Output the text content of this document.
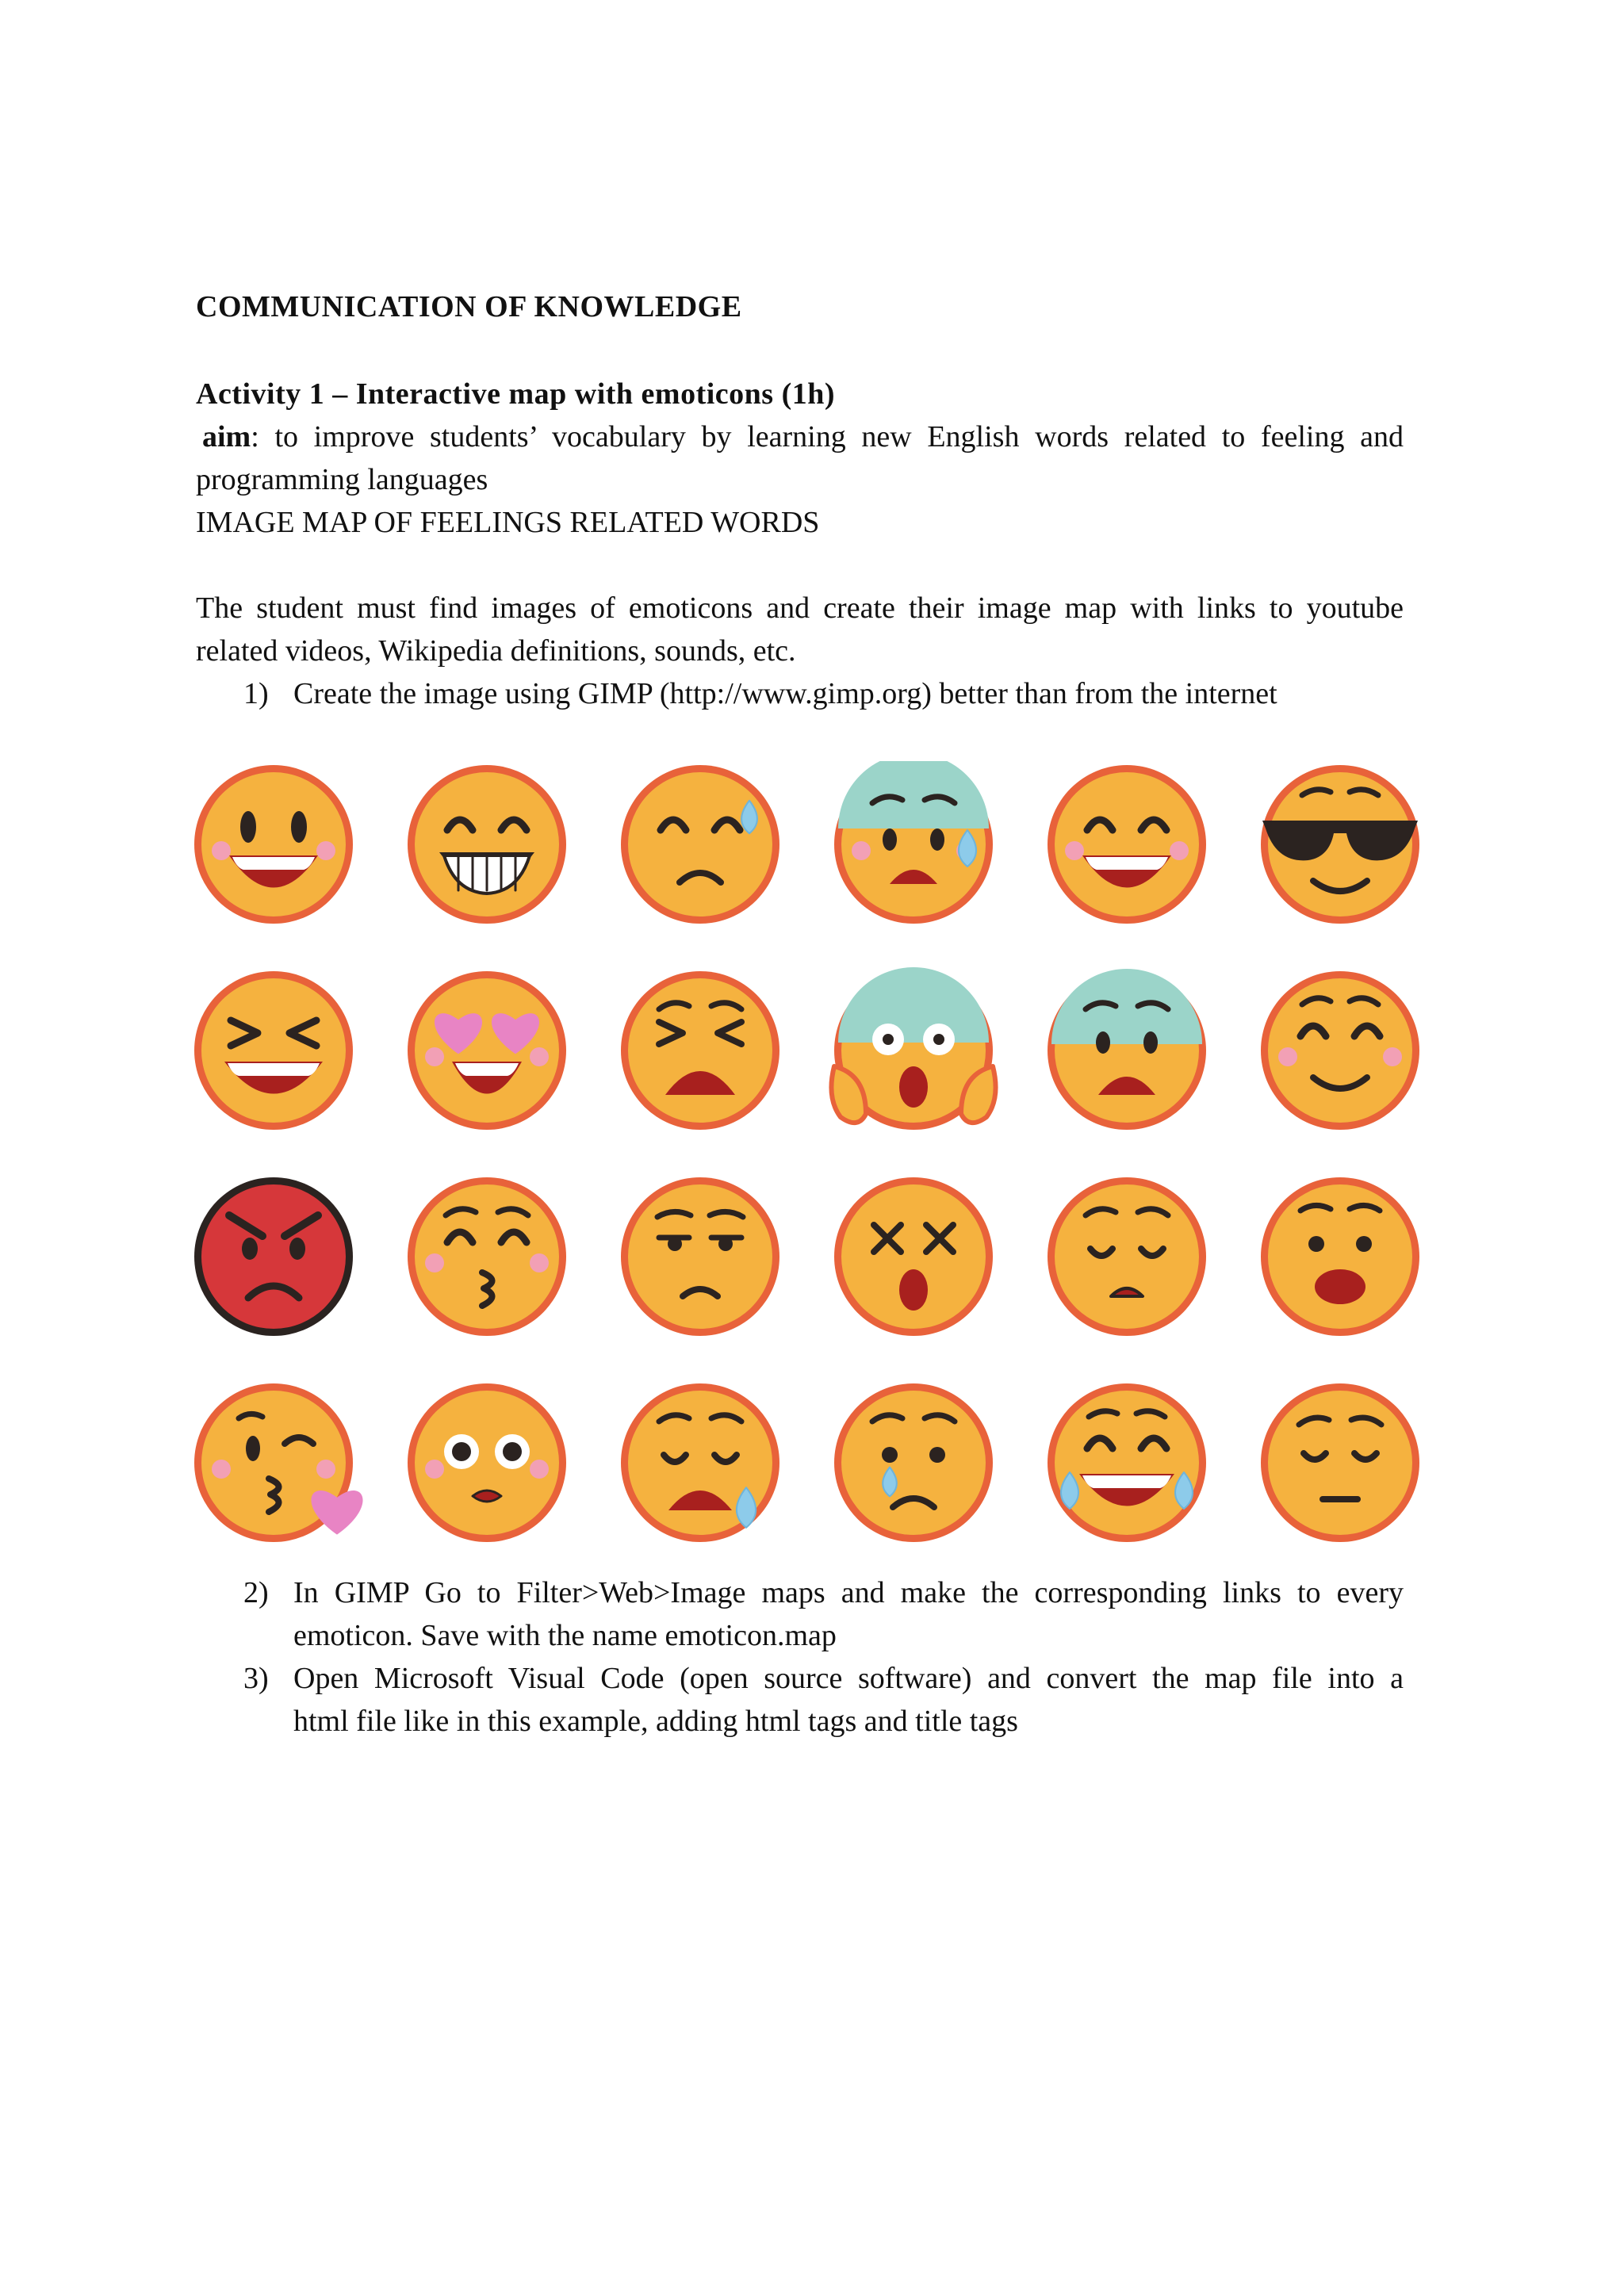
COMMUNICATION OF KNOWLEDGE
Activity 1 – Interactive map with emoticons (1h)
aim: to improve students’ vocabulary by learning new English words related to feeling and
programming languages
IMAGE MAP OF FEELINGS RELATED WORDS
The student must find images of emoticons and create their image map with links to youtube
related videos, Wikipedia definitions, sounds, etc.
1) Create the image using GIMP (http://www.gimp.org) better than from the internet
2) In GIMP Go to Filter>Web>Image maps and make the corresponding links to every
emoticon. Save with the name emoticon.map
3) Open Microsoft Visual Code (open source software) and convert the map file into a
html file like in this example, adding html tags and title tags
